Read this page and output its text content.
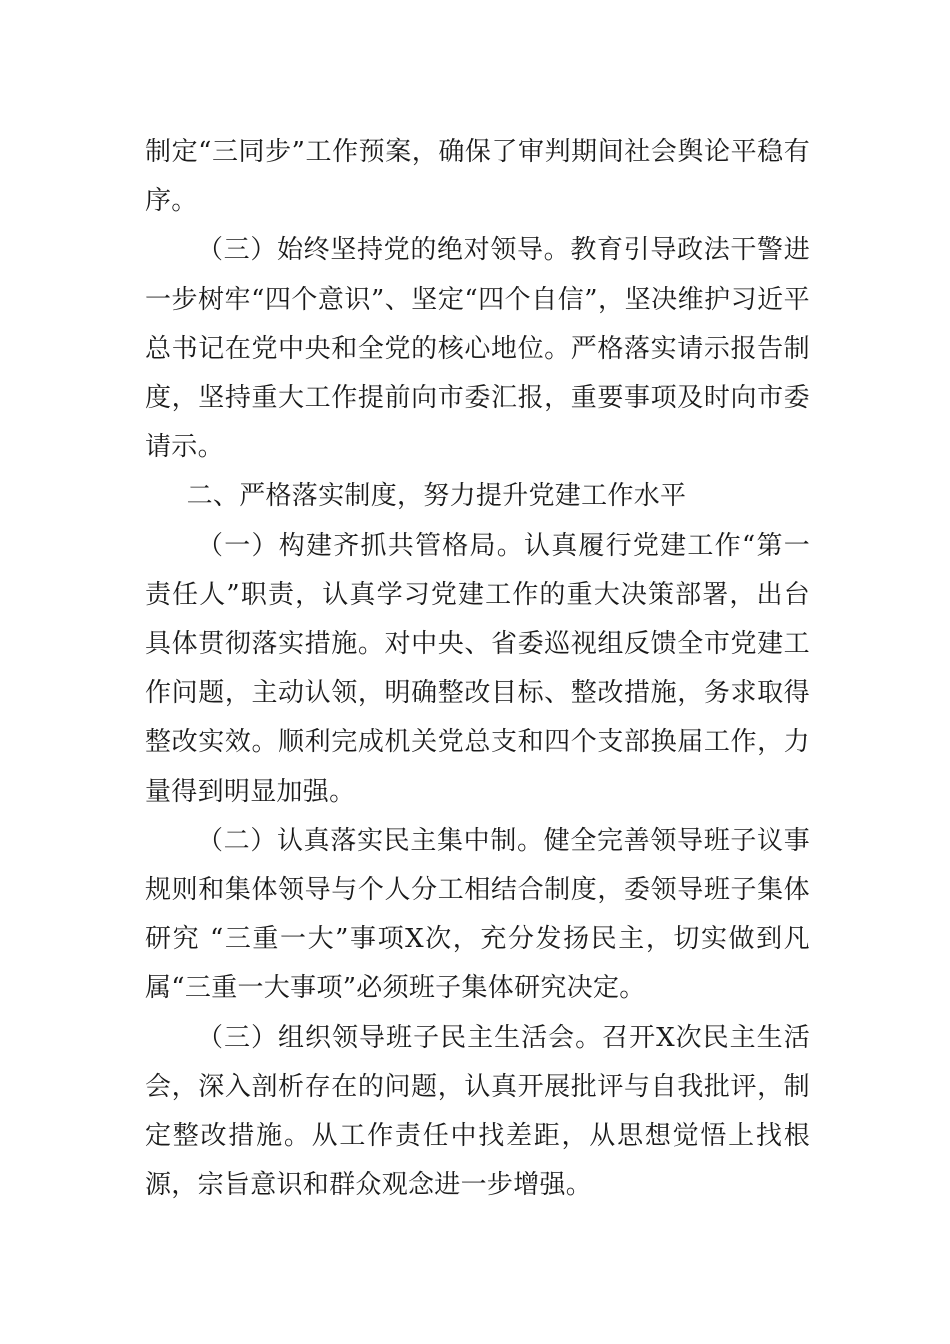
制定“三同步”工作预案，确保了审判期间社会舆论平稳有序。

（三）始终坚持党的绝对领导。教育引导政法干警进一步树牢“四个意识”、坚定“四个自信”，坚决维护习近平总书记在党中央和全党的核心地位。严格落实请示报告制度，坚持重大工作提前向市委汇报，重要事项及时向市委请示。

二、严格落实制度，努力提升党建工作水平

（一）构建齐抓共管格局。认真履行党建工作“第一责任人”职责，认真学习党建工作的重大决策部署，出台具体贯彻落实措施。对中央、省委巡视组反馈全市党建工作问题，主动认领，明确整改目标、整改措施，务求取得整改实效。顺利完成机关党总支和四个支部换届工作，力量得到明显加强。

（二）认真落实民主集中制。健全完善领导班子议事规则和集体领导与个人分工相结合制度，委领导班子集体研究 “三重一大”事项X次，充分发扬民主，切实做到凡属“三重一大事项”必须班子集体研究决定。

（三）组织领导班子民主生活会。召开X次民主生活会，深入剖析存在的问题，认真开展批评与自我批评，制定整改措施。从工作责任中找差距，从思想觉悟上找根源，宗旨意识和群众观念进一步增强。
